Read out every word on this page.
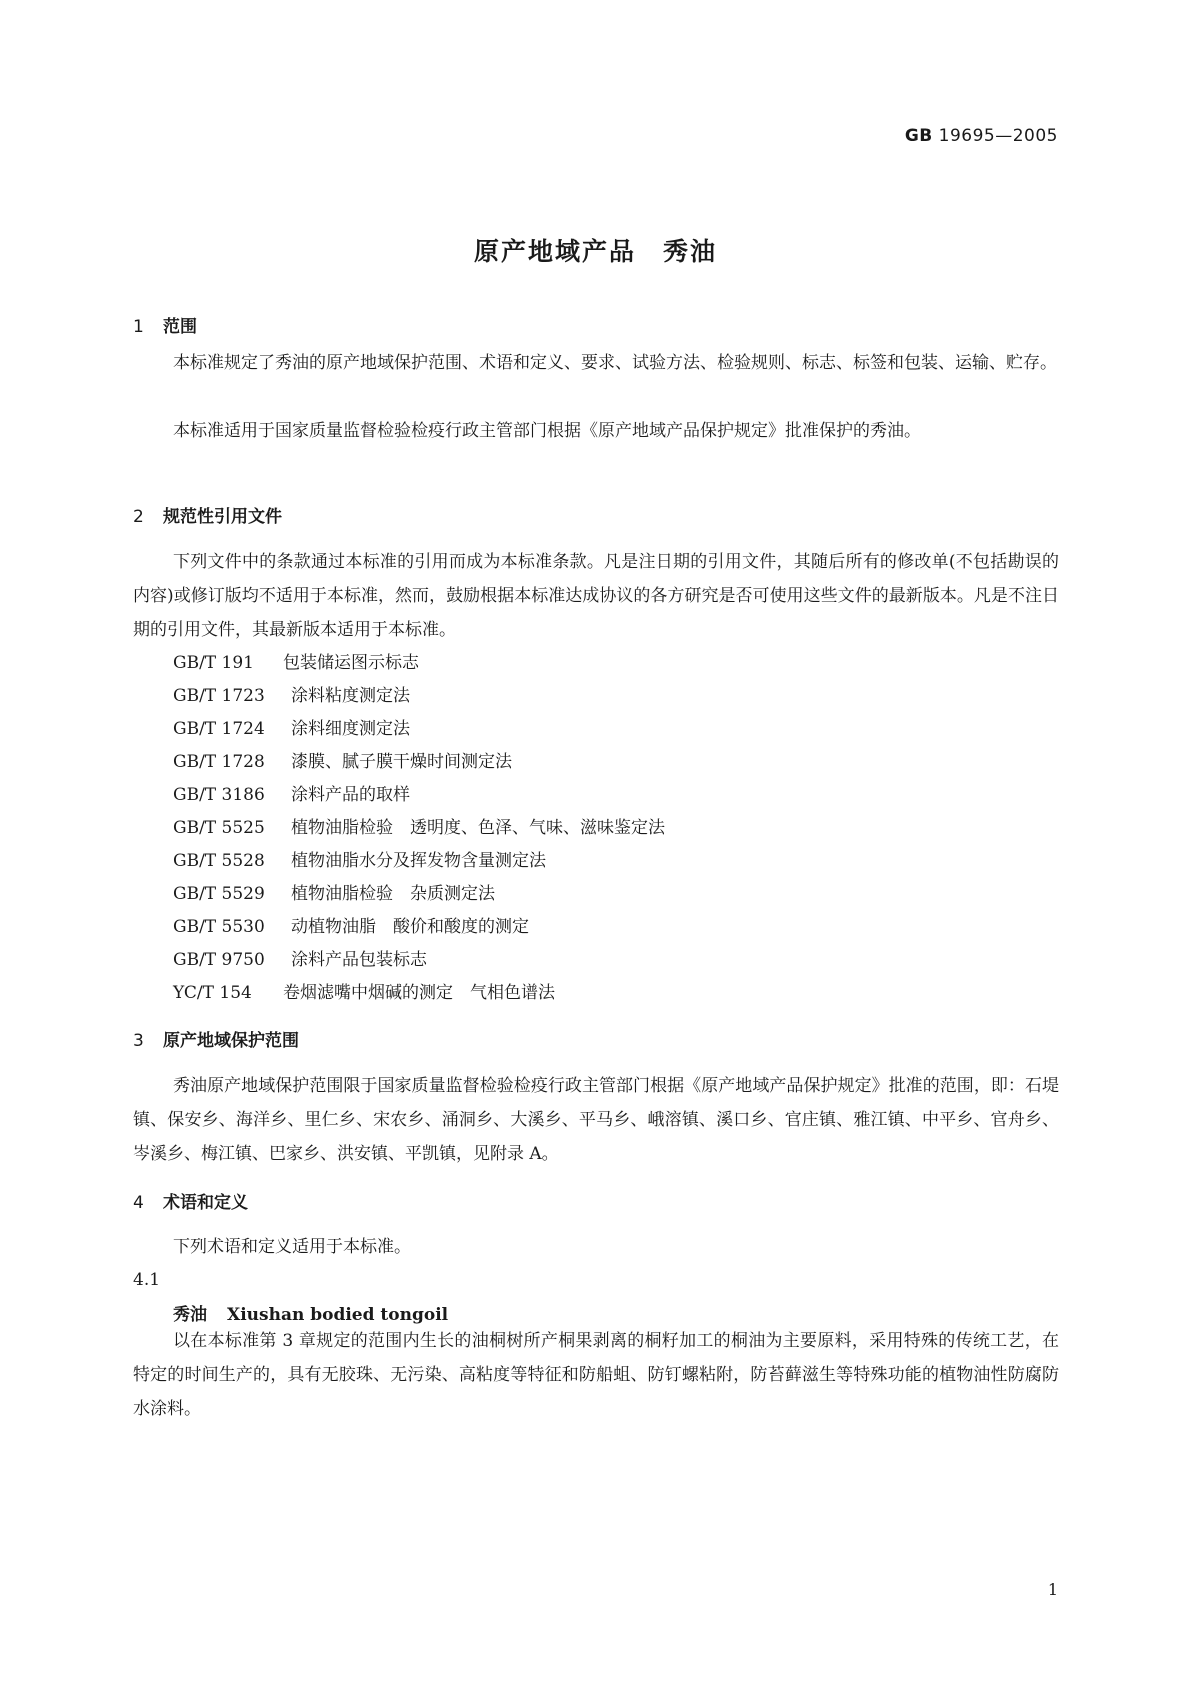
GB 19695—2005
原产地域产品　秀油
1 范围
本标准规定了秀油的原产地域保护范围、术语和定义、要求、试验方法、检验规则、标志、标签和包装、运输、贮存。
本标准适用于国家质量监督检验检疫行政主管部门根据《原产地域产品保护规定》批准保护的秀油。
2 规范性引用文件
下列文件中的条款通过本标准的引用而成为本标准条款。凡是注日期的引用文件，其随后所有的修改单(不包括勘误的内容)或修订版均不适用于本标准，然而，鼓励根据本标准达成协议的各方研究是否可使用这些文件的最新版本。凡是不注日期的引用文件，其最新版本适用于本标准。
GB/T 191 包装储运图示标志
GB/T 1723 涂料粘度测定法
GB/T 1724 涂料细度测定法
GB/T 1728 漆膜、腻子膜干燥时间测定法
GB/T 3186 涂料产品的取样
GB/T 5525 植物油脂检验　透明度、色泽、气味、滋味鉴定法
GB/T 5528 植物油脂水分及挥发物含量测定法
GB/T 5529 植物油脂检验　杂质测定法
GB/T 5530 动植物油脂　酸价和酸度的测定
GB/T 9750 涂料产品包装标志
YC/T 154 卷烟滤嘴中烟碱的测定　气相色谱法
3 原产地域保护范围
秀油原产地域保护范围限于国家质量监督检验检疫行政主管部门根据《原产地域产品保护规定》批准的范围，即：石堤镇、保安乡、海洋乡、里仁乡、宋农乡、涌洞乡、大溪乡、平马乡、峨溶镇、溪口乡、官庄镇、雅江镇、中平乡、官舟乡、岑溪乡、梅江镇、巴家乡、洪安镇、平凯镇，见附录 A。
4 术语和定义
下列术语和定义适用于本标准。
4.1
秀油 Xiushan bodied tongoil
以在本标准第 3 章规定的范围内生长的油桐树所产桐果剥离的桐籽加工的桐油为主要原料，采用特殊的传统工艺，在特定的时间生产的，具有无胶珠、无污染、高粘度等特征和防船蛆、防钉螺粘附，防苔藓滋生等特殊功能的植物油性防腐防水涂料。
1
